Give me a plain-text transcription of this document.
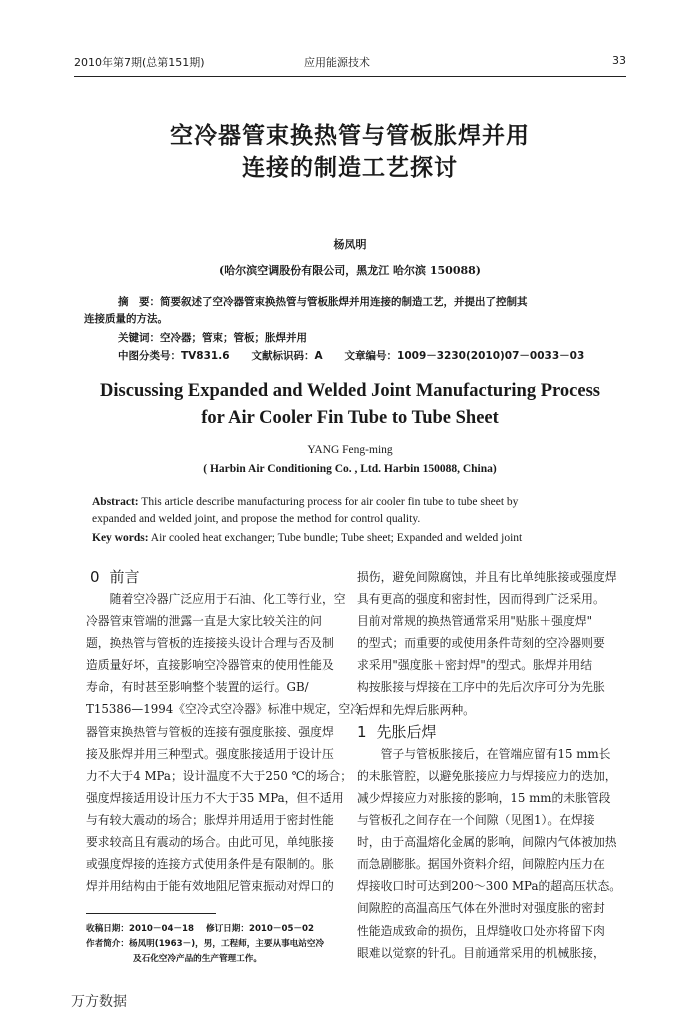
2010年第7期(总第151期)	应用能源技术	33
空冷器管束换热管与管板胀焊并用
连接的制造工艺探讨
杨凤明
(哈尔滨空调股份有限公司，黑龙江 哈尔滨 150088)
摘　要：简要叙述了空冷器管束换热管与管板胀焊并用连接的制造工艺，并提出了控制其
连接质量的方法。
关键词：空冷器；管束；管板；胀焊并用
中图分类号：TV831.6 文献标识码：A 文章编号：1009－3230(2010)07－0033－03
Discussing Expanded and Welded Joint Manufacturing Process
for Air Cooler Fin Tube to Tube Sheet
YANG Feng-ming
( Harbin Air Conditioning Co. , Ltd. Harbin 150088, China)
Abstract: This article describe manufacturing process for air cooler fin tube to tube sheet by
expanded and welded joint, and propose the method for control quality.
Key words: Air cooled heat exchanger; Tube bundle; Tube sheet; Expanded and welded joint
0 前言
　　随着空冷器广泛应用于石油、化工等行业，空
冷器管束管端的泄露一直是大家比较关注的问
题，换热管与管板的连接接头设计合理与否及制
造质量好坏，直接影响空冷器管束的使用性能及
寿命，有时甚至影响整个装置的运行。GB/
T15386—1994《空冷式空冷器》标准中规定，空冷
器管束换热管与管板的连接有强度胀接、强度焊
接及胀焊并用三种型式。强度胀接适用于设计压
力不大于4 MPa；设计温度不大于250 ℃的场合；
强度焊接适用设计压力不大于35 MPa，但不适用
与有较大震动的场合；胀焊并用适用于密封性能
要求较高且有震动的场合。由此可见，单纯胀接
或强度焊接的连接方式使用条件是有限制的。胀
焊并用结构由于能有效地阻尼管束振动对焊口的
损伤，避免间隙腐蚀，并且有比单纯胀接或强度焊
具有更高的强度和密封性，因而得到广泛采用。
目前对常规的换热管通常采用"贴胀＋强度焊"
的型式；而重要的或使用条件苛刻的空冷器则要
求采用"强度胀＋密封焊"的型式。胀焊并用结
构按胀接与焊接在工序中的先后次序可分为先胀
后焊和先焊后胀两种。
1 先胀后焊
　　管子与管板胀接后，在管端应留有15 mm长
的未胀管腔，以避免胀接应力与焊接应力的迭加，
减少焊接应力对胀接的影响，15 mm的未胀管段
与管板孔之间存在一个间隙（见图1）。在焊接
时，由于高温熔化金属的影响，间隙内气体被加热
而急剧膨胀。据国外资料介绍，间隙腔内压力在
焊接收口时可达到200～300 MPa的超高压状态。
间隙腔的高温高压气体在外泄时对强度胀的密封
性能造成致命的损伤，且焊缝收口处亦将留下肉
眼难以觉察的针孔。目前通常采用的机械胀接，
收稿日期：2010－04－18 修订日期：2010－05－02
作者简介：杨凤明(1963－)，男，工程师，主要从事电站空冷
及石化空冷产品的生产管理工作。
万方数据
